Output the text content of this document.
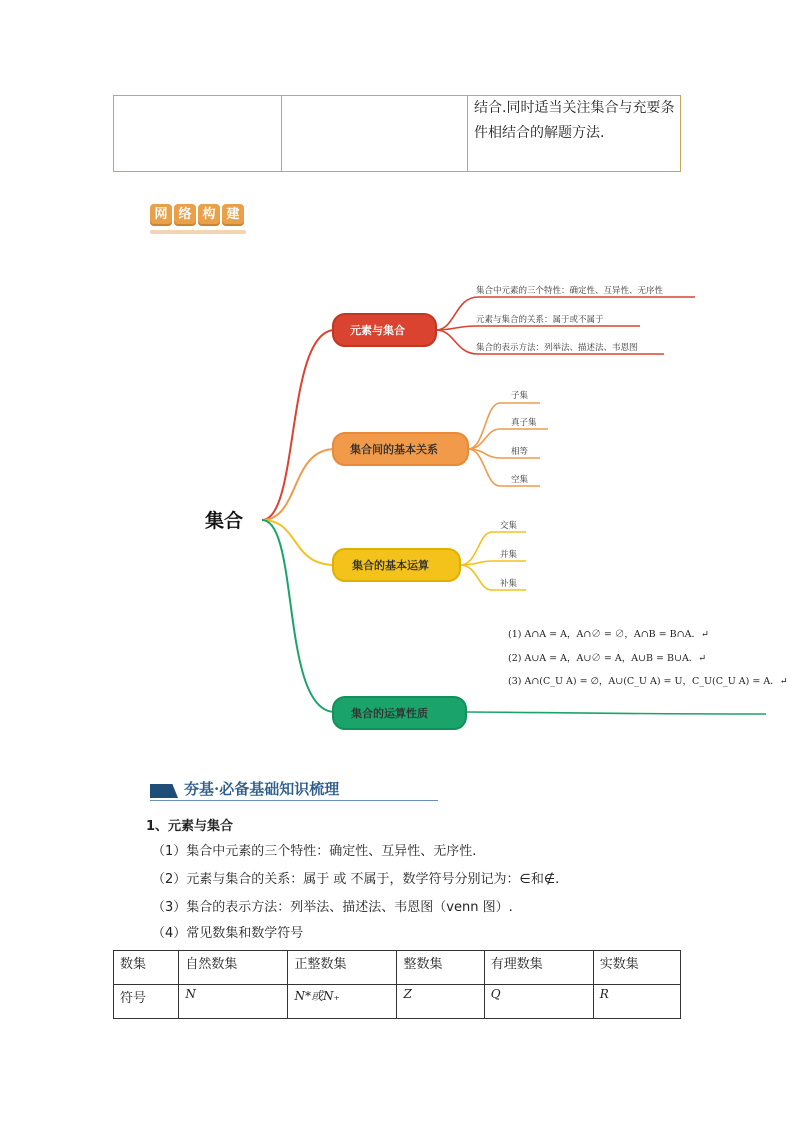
结合.同时适当关注集合与充要条
件相结合的解题方法.
网 络 构 建
集合
元素与集合
集合间的基本关系
集合的基本运算
集合的运算性质
集合中元素的三个特性：确定性、互异性、无序性
元素与集合的关系：属于或不属于
集合的表示方法：列举法、描述法、韦恩图
子集
真子集
相等
空集
交集
并集
补集
(1) A∩A = A，A∩∅ = ∅，A∩B = B∩A．↵
(2) A∪A = A，A∪∅ = A，A∪B = B∪A．↵
(3) A∩(C_U A) = ∅，A∪(C_U A) = U，C_U(C_U A) = A．↵
夯基·必备基础知识梳理
1、元素与集合
（1）集合中元素的三个特性：确定性、互异性、无序性.
（2）元素与集合的关系：属于 或 不属于，数学符号分别记为：∈和∉.
（3）集合的表示方法：列举法、描述法、韦恩图（venn 图）.
（4）常见数集和数学符号
数集	自然数集	正整数集	整数集	有理数集	实数集
符号	N	N*或N₊	Z	Q	R
